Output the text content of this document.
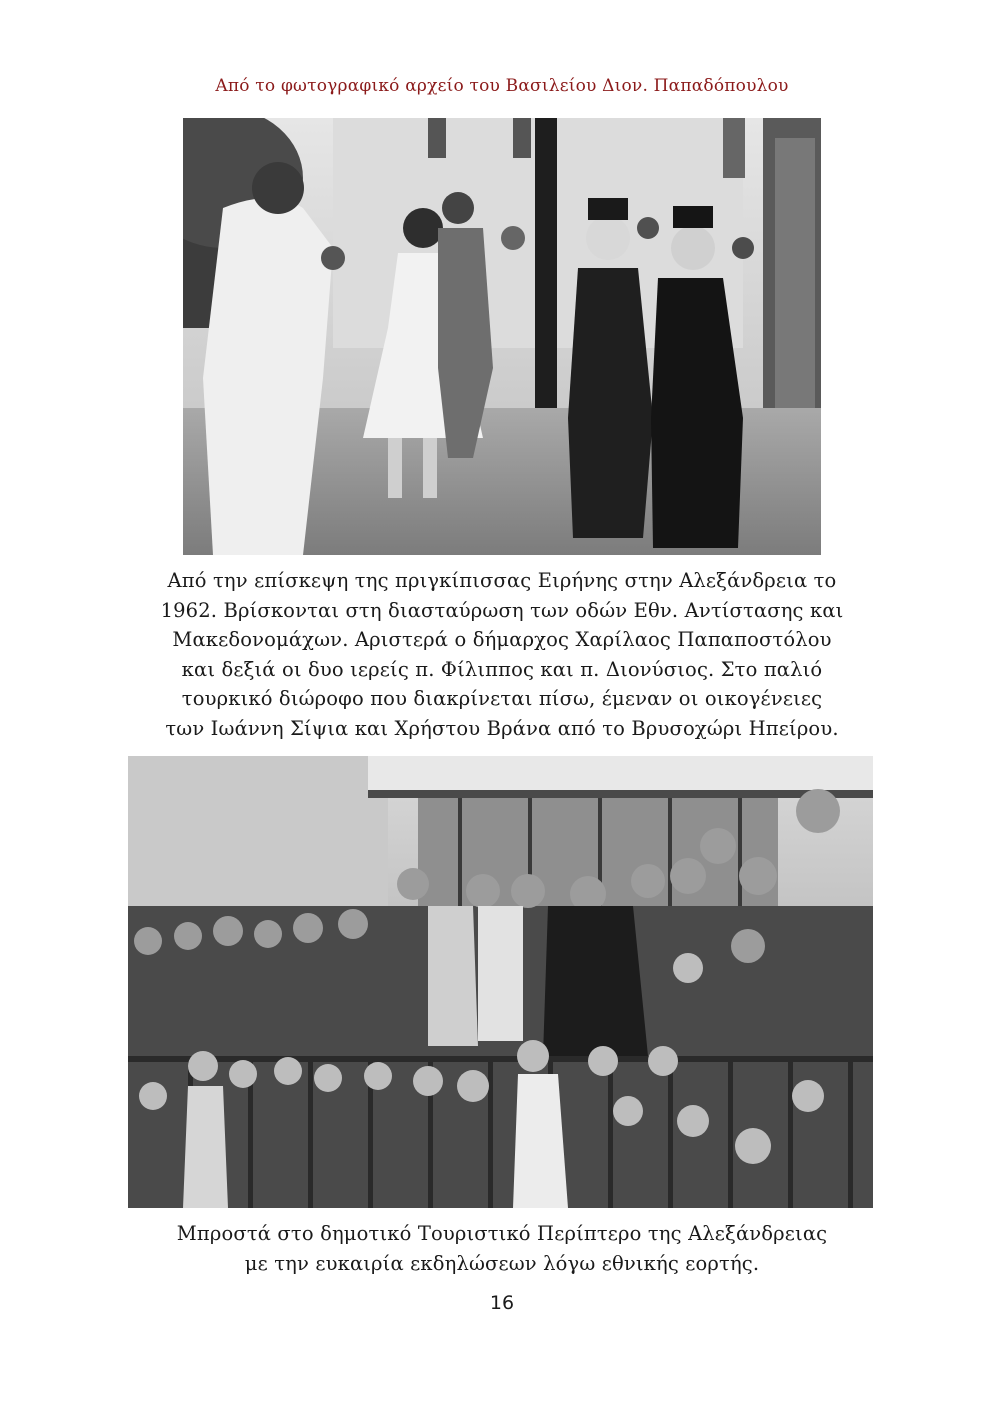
Από το φωτογραφικό αρχείο του Βασιλείου Διον. Παπαδόπουλου
Από την επίσκεψη της πριγκίπισσας Ειρήνης στην Αλεξάνδρεια το
1962. Βρίσκονται στη διασταύρωση των οδών Εθν. Αντίστασης και
Μακεδονομάχων. Αριστερά ο δήμαρχος Χαρίλαος Παπαποστόλου
και δεξιά οι δυο ιερείς π. Φίλιππος και π. Διονύσιος. Στο παλιό
τουρκικό διώροφο που διακρίνεται πίσω, έμεναν οι οικογένειες
των Ιωάννη Σίψια και Χρήστου Βράνα από το Βρυσοχώρι Ηπείρου.
Μπροστά στο δημοτικό Τουριστικό Περίπτερο της Αλεξάνδρειας
με την ευκαιρία εκδηλώσεων λόγω εθνικής εορτής.
16
